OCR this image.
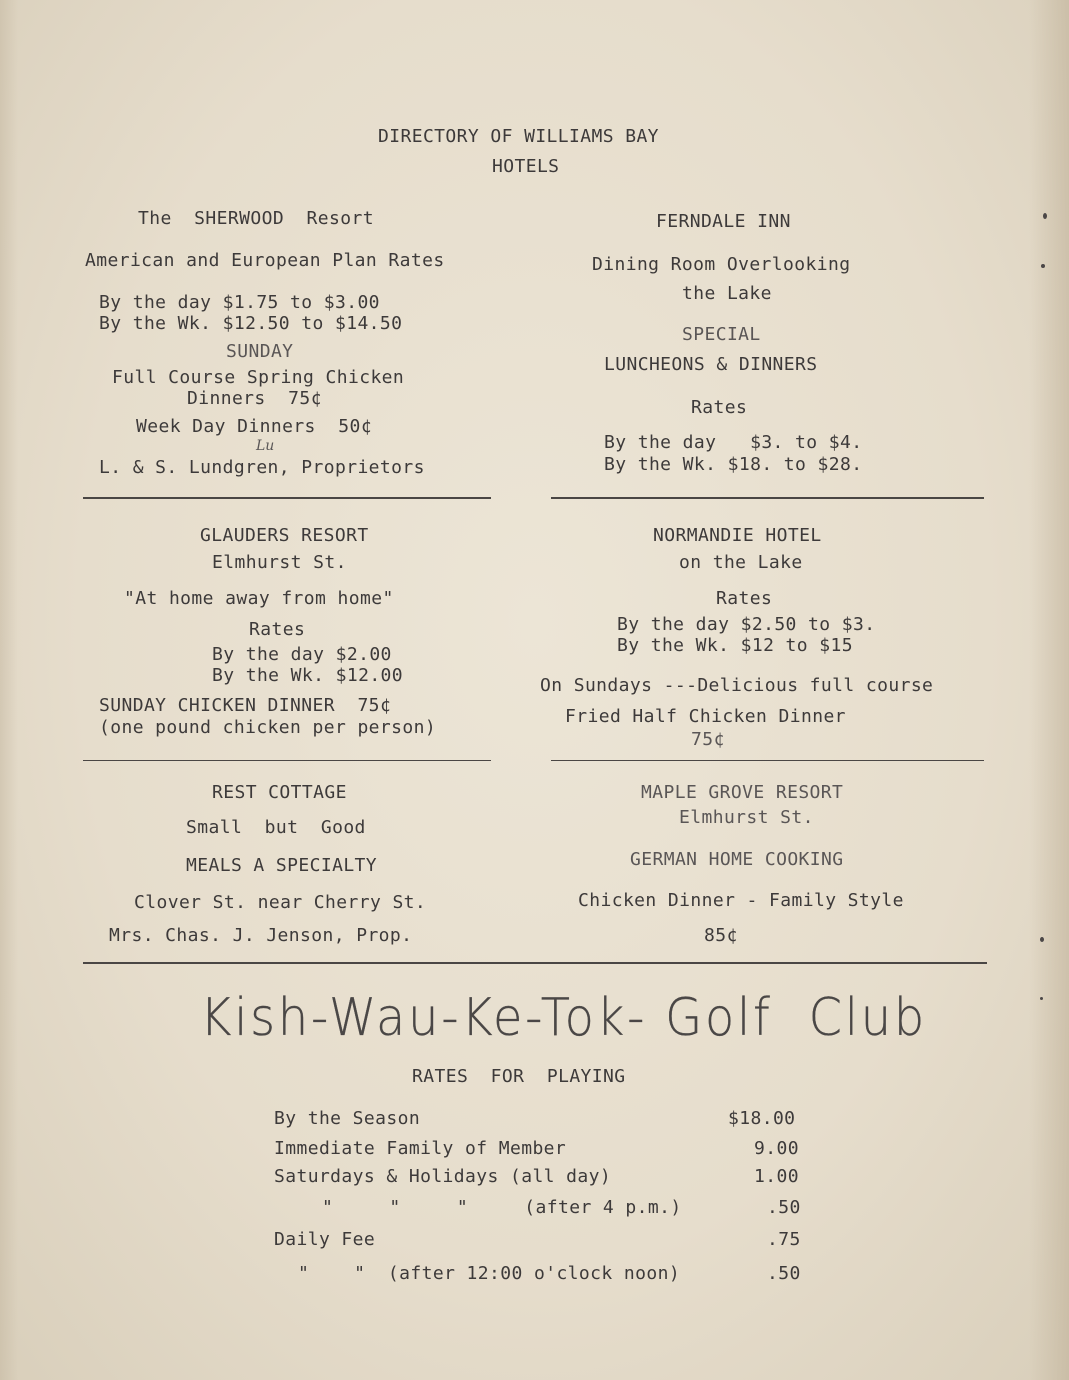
DIRECTORY OF WILLIAMS BAY
HOTELS
The  SHERWOOD  Resort
American and European Plan Rates
By the day $1.75 to $3.00
By the Wk. $12.50 to $14.50
SUNDAY
Full Course Spring Chicken
Dinners  75¢
Week Day Dinners  50¢
Lu
L. & S. Lundgren, Proprietors
FERNDALE INN
Dining Room Overlooking
the Lake
SPECIAL
LUNCHEONS & DINNERS
Rates
By the day   $3. to $4.
By the Wk. $18. to $28.
GLAUDERS RESORT
Elmhurst St.
"At home away from home"
Rates
By the day $2.00
By the Wk. $12.00
SUNDAY CHICKEN DINNER  75¢
(one pound chicken per person)
NORMANDIE HOTEL
on the Lake
Rates
By the day $2.50 to $3.
By the Wk. $12 to $15
On Sundays ---Delicious full course
Fried Half Chicken Dinner
75¢
REST COTTAGE
Small  but  Good
MEALS A SPECIALTY
Clover St. near Cherry St.
Mrs. Chas. J. Jenson, Prop.
MAPLE GROVE RESORT
Elmhurst St.
GERMAN HOME COOKING
Chicken Dinner - Family Style
85¢
Kish-Wau-Ke-Tok- Golf  Club
RATES  FOR  PLAYING
By the Season	$18.00
Immediate Family of Member	9.00
Saturdays & Holidays (all day)	1.00
"     "     "     (after 4 p.m.)	.50
Daily Fee	.75
"    "  (after 12:00 o'clock noon)	.50
